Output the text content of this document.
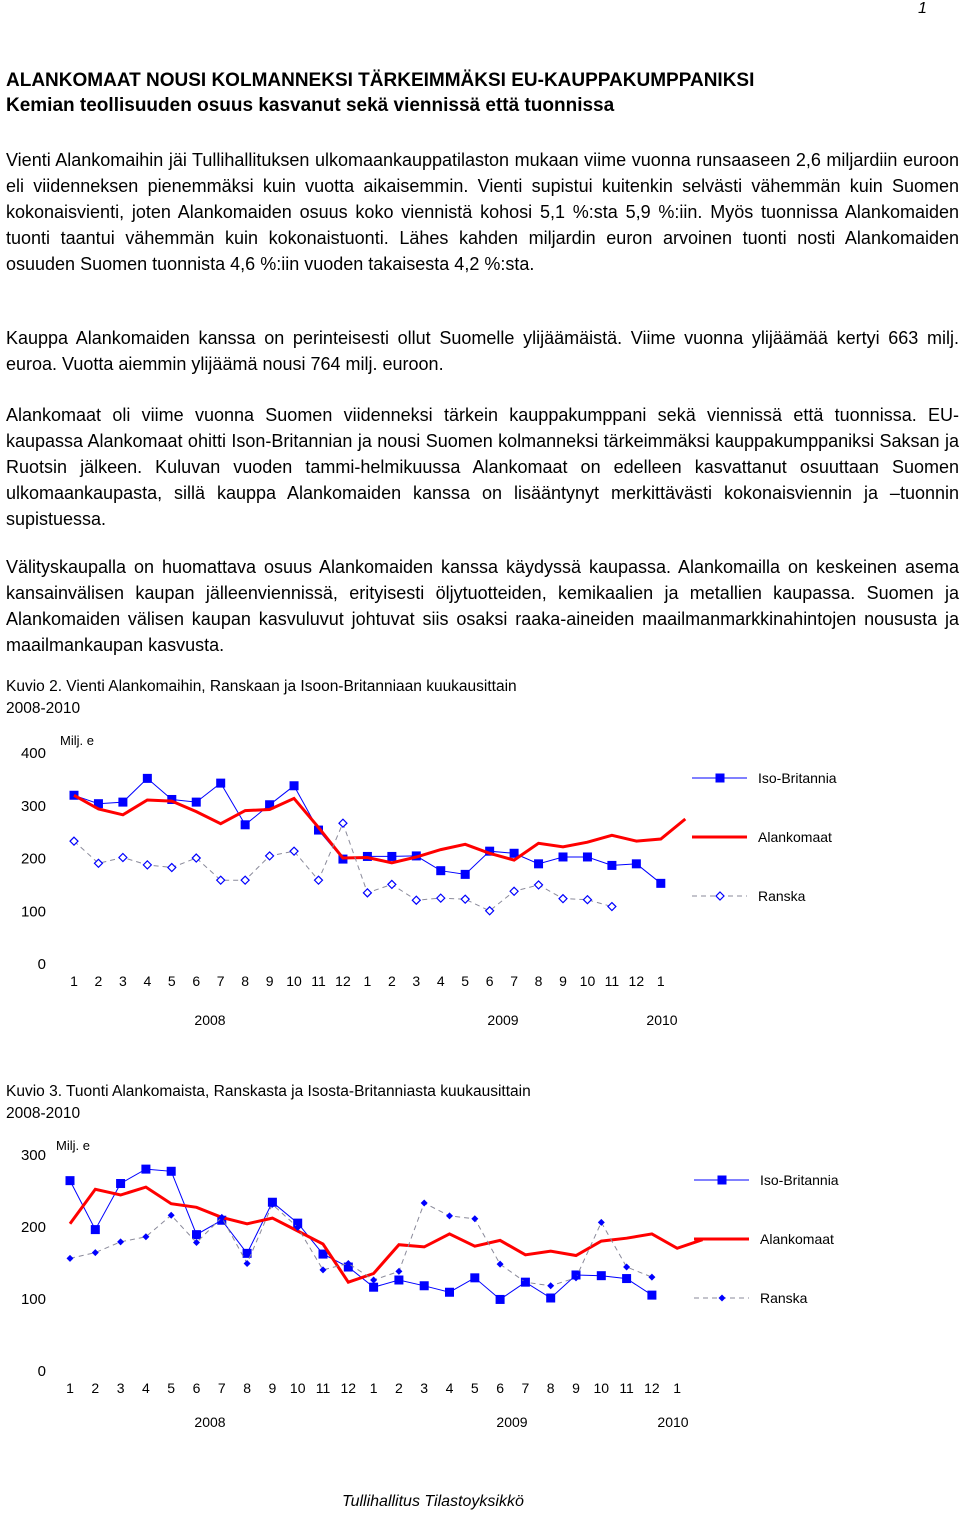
1
ALANKOMAAT NOUSI KOLMANNEKSI TÄRKEIMMÄKSI EU-KAUPPAKUMPPANIKSI
Kemian teollisuuden osuus kasvanut sekä viennissä että tuonnissa

Vienti Alankomaihin jäi Tullihallituksen ulkomaankauppatilaston mukaan viime vuonna runsaaseen 2,6 miljardiin euroon eli viidenneksen pienemmäksi kuin vuotta aikaisemmin. Vienti supistui kuitenkin selvästi vähemmän kuin Suomen kokonaisvienti, joten Alankomaiden osuus koko viennistä kohosi 5,1 %:sta 5,9 %:iin. Myös tuonnissa Alankomaiden tuonti taantui vähemmän kuin kokonaistuonti. Lähes kahden miljardin euron arvoinen tuonti nosti Alankomaiden osuuden Suomen tuonnista 4,6 %:iin vuoden takaisesta 4,2 %:sta.

Kauppa Alankomaiden kanssa on perinteisesti ollut Suomelle ylijäämäistä. Viime vuonna ylijäämää kertyi 663 milj. euroa. Vuotta aiemmin ylijäämä nousi 764 milj. euroon.

Alankomaat oli viime vuonna Suomen viidenneksi tärkein kauppakumppani sekä viennissä että tuonnissa. EU-kaupassa Alankomaat ohitti Ison-Britannian ja nousi Suomen kolmanneksi tärkeimmäksi kauppakumppaniksi Saksan ja Ruotsin jälkeen. Kuluvan vuoden tammi-helmikuussa Alankomaat on edelleen kasvattanut osuuttaan Suomen ulkomaankaupasta, sillä kauppa Alankomaiden kanssa on lisääntynyt merkittävästi kokonaisviennin ja –tuonnin supistuessa.

Välityskaupalla on huomattava osuus Alankomaiden kanssa käydyssä kaupassa. Alankomailla on keskeinen asema kansainvälisen kaupan jälleenviennissä, erityisesti öljytuotteiden, kemikaalien ja metallien kaupassa. Suomen ja Alankomaiden välisen kaupan kasvuluvut johtuvat siis osaksi raaka-aineiden maailmanmarkkinahintojen noususta ja maailmankaupan kasvusta.

Kuvio 2. Vienti Alankomaihin, Ranskaan ja Isoon-Britanniaan kuukausittain
2008-2010
0
100
200
300
400
Milj. e
1 2 3 4 5 6 7 8 9 10 11 12 1 2 3 4 5 6 7 8 9 10 11 12 1
2008	2009	2010
Iso-Britannia
Alankomaat
Ranska
Kuvio 3. Tuonti Alankomaista, Ranskasta ja Isosta-Britanniasta kuukausittain
2008-2010
0
100
200
300
Milj. e
1 2 3 4 5 6 7 8 9 10 11 12 1 2 3 4 5 6 7 8 9 10 11 12 1
2008	2009	2010
Iso-Britannia
Alankomaat
Ranska
Tullihallitus Tilastoyksikkö
